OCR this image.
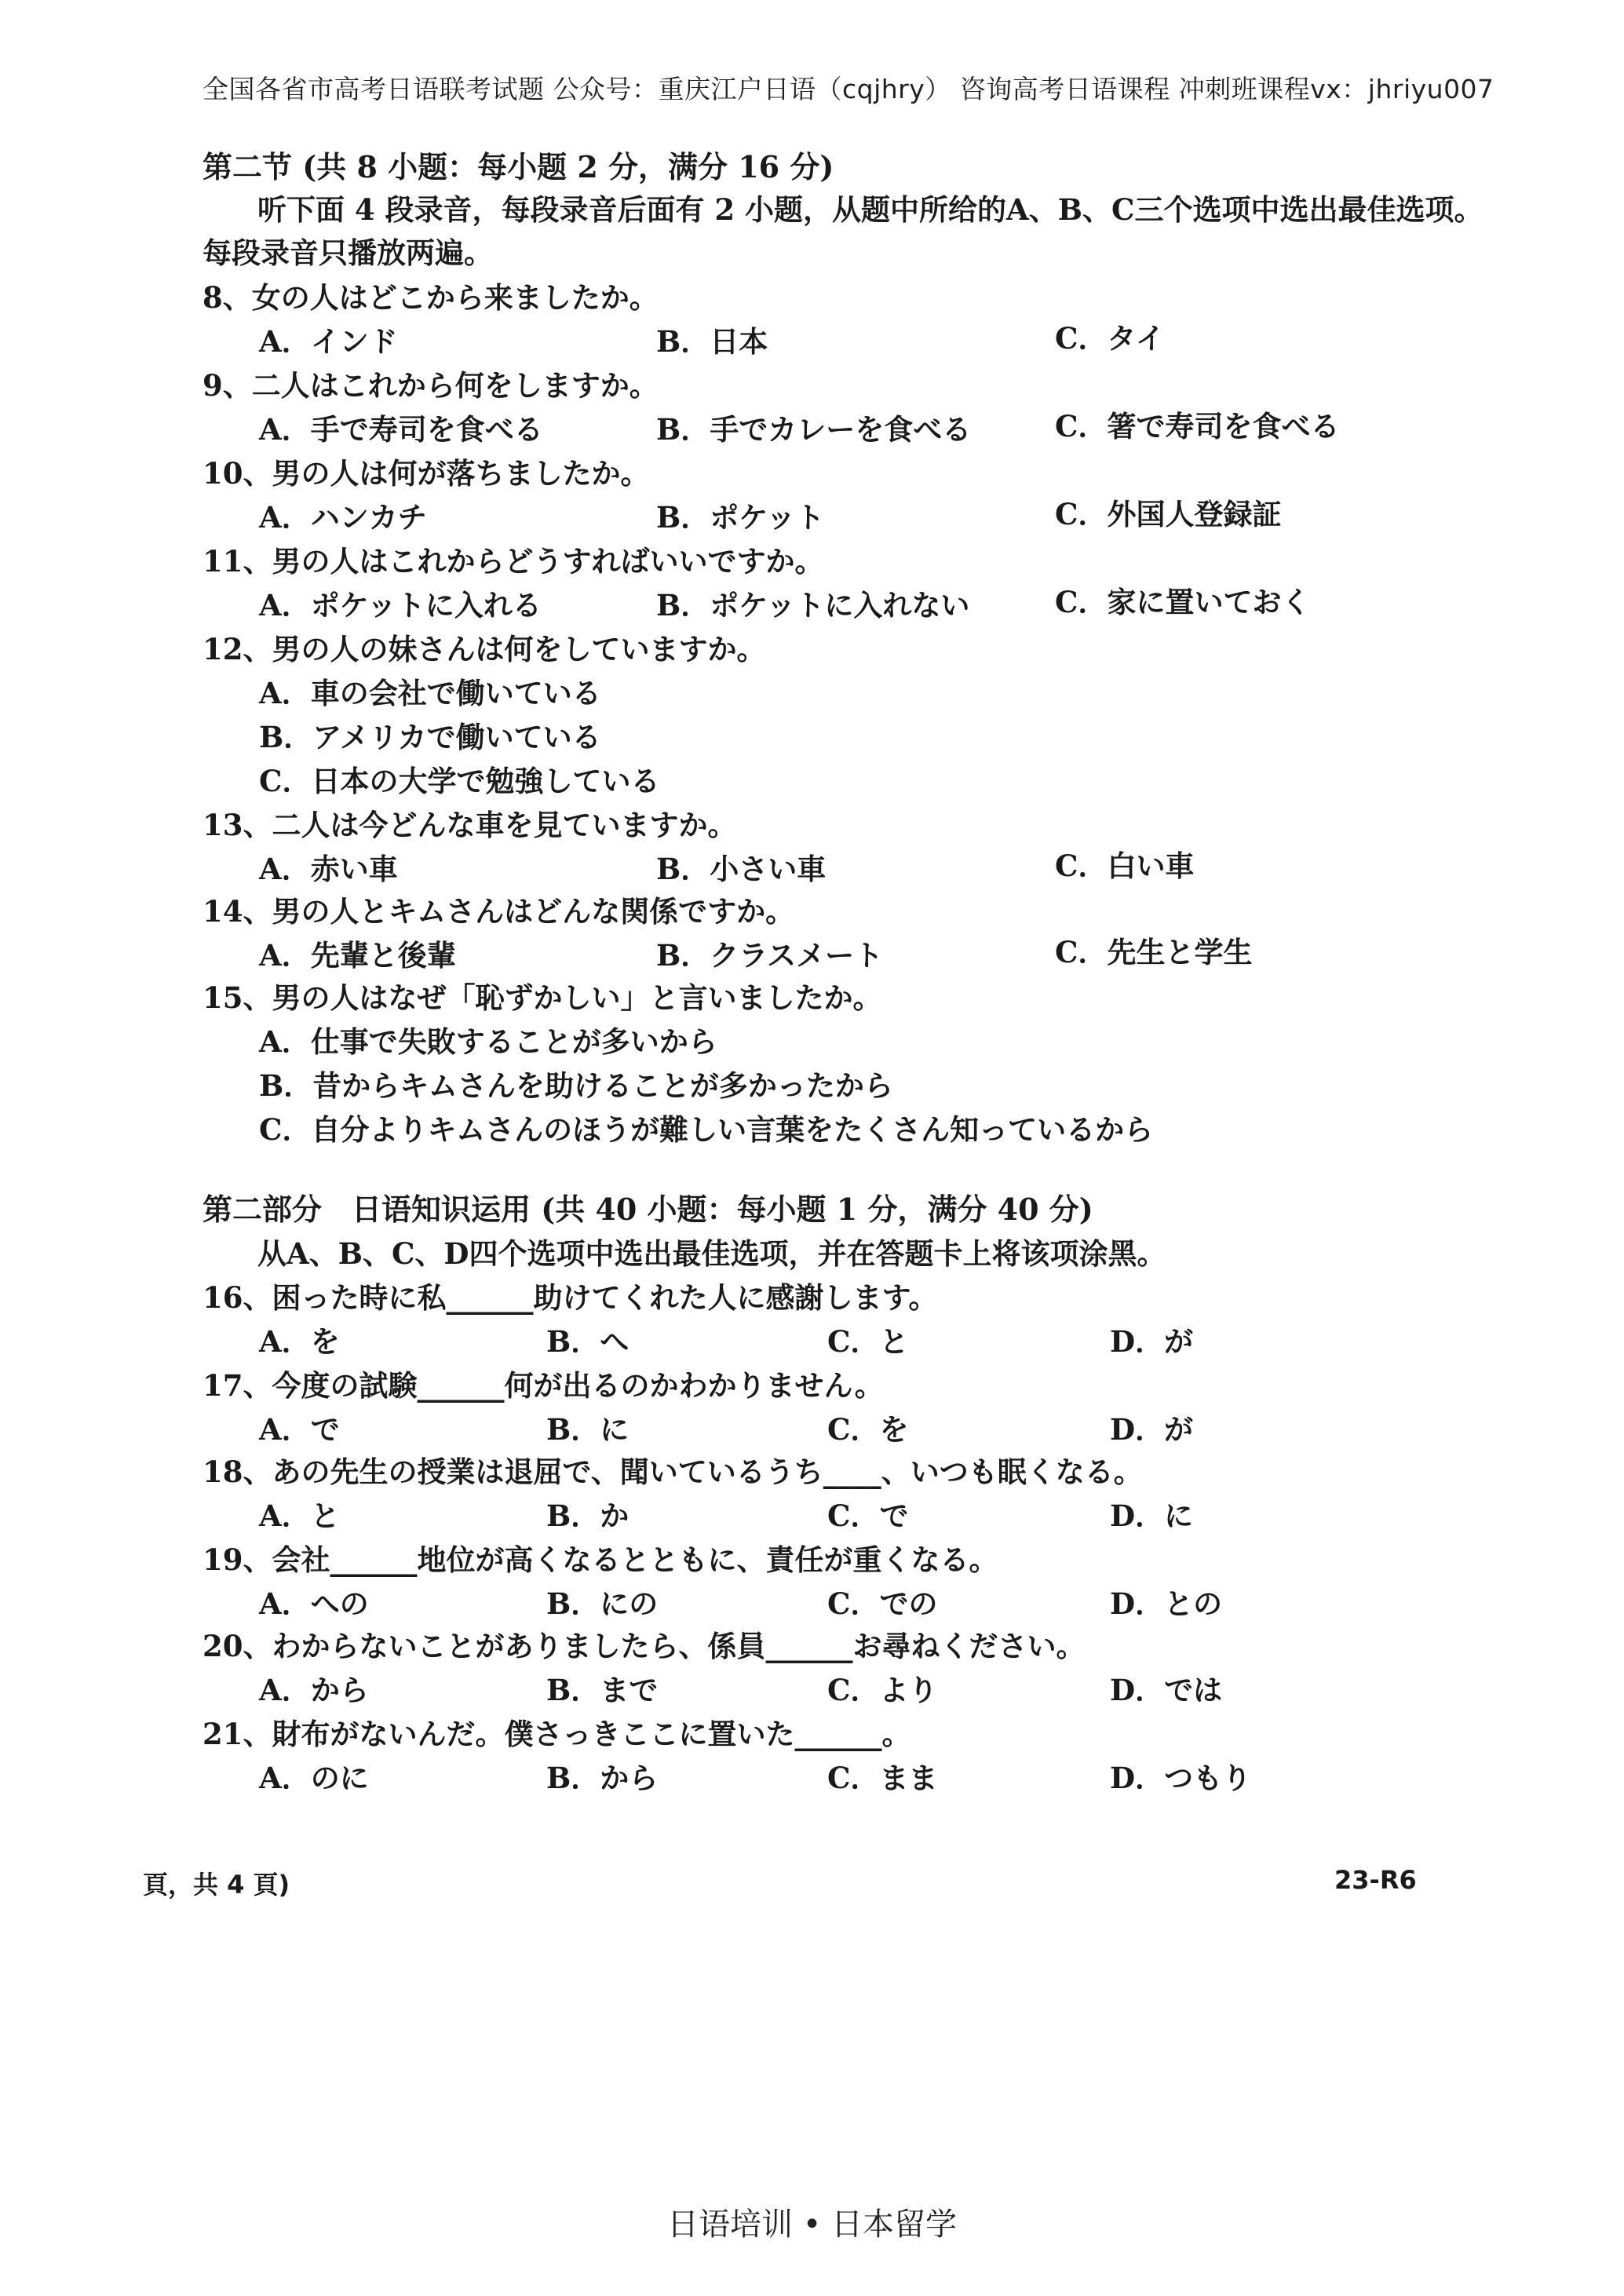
全国各省市高考日语联考试题 公众号：重庆江户日语（cqjhry） 咨询高考日语课程 冲刺班课程vx：jhriyu007
第二节 (共 8 小题：每小题 2 分，满分 16 分)
听下面 4 段录音，每段录音后面有 2 小题，从题中所给的A、B、C三个选项中选出最佳选项。
每段录音只播放两遍。
8、女の人はどこから来ましたか。
A．インド	B．日本	C．タイ
9、二人はこれから何をしますか。
A．手で寿司を食べる	B．手でカレーを食べる	C．箸で寿司を食べる
10、男の人は何が落ちましたか。
A．ハンカチ	B．ポケット	C．外国人登録証
11、男の人はこれからどうすればいいですか。
A．ポケットに入れる	B．ポケットに入れない	C．家に置いておく
12、男の人の妹さんは何をしていますか。
A．車の会社で働いている
B．アメリカで働いている
C．日本の大学で勉強している
13、二人は今どんな車を見ていますか。
A．赤い車	B．小さい車	C．白い車
14、男の人とキムさんはどんな関係ですか。
A．先輩と後輩	B．クラスメート	C．先生と学生
15、男の人はなぜ「恥ずかしい」と言いましたか。
A．仕事で失敗することが多いから
B．昔からキムさんを助けることが多かったから
C．自分よりキムさんのほうが難しい言葉をたくさん知っているから
第二部分　日语知识运用 (共 40 小题：每小题 1 分，满分 40 分)
从A、B、C、D四个选项中选出最佳选项，并在答题卡上将该项涂黑。
16、困った時に私______助けてくれた人に感謝します。
A．を	B．へ	C．と	D．が
17、今度の試験______何が出るのかわかりません。
A．で	B．に	C．を	D．が
18、あの先生の授業は退屈で、聞いているうち____、いつも眠くなる。
A．と	B．か	C．で	D．に
19、会社______地位が高くなるとともに、責任が重くなる。
A．への	B．にの	C．での	D．との
20、わからないことがありましたら、係員______お尋ねください。
A．から	B．まで	C．より	D．では
21、財布がないんだ。僕さっきここに置いた______。
A．のに	B．から	C．まま	D．つもり
頁，共 4 頁)	23-R6
日语培训 • 日本留学
